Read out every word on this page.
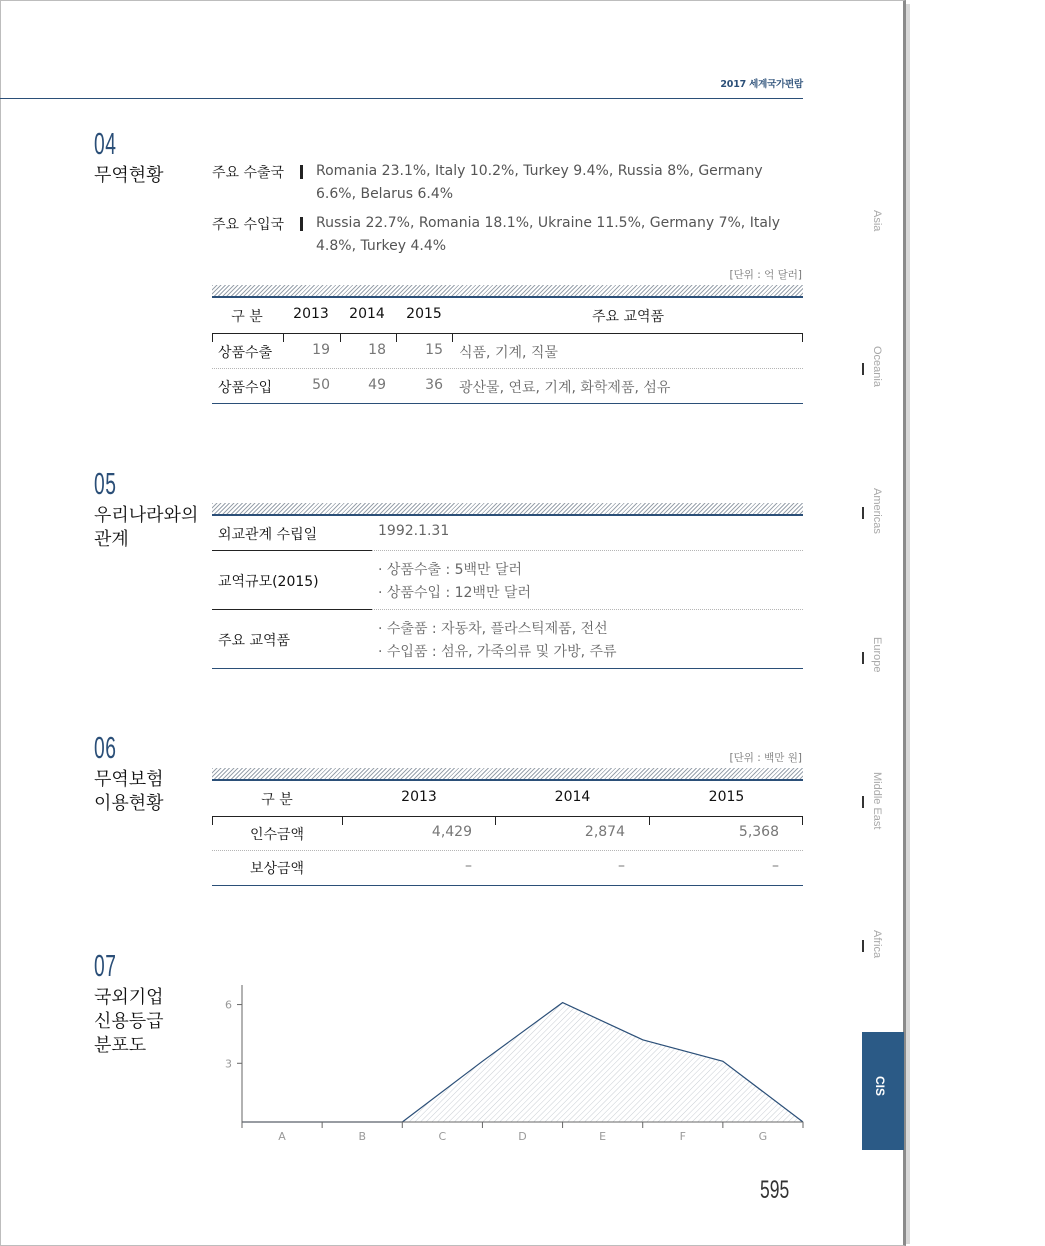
2017 세계국가편람
04
무역현황	주요 수출국 Romania 23.1%, Italy 10.2%, Turkey 9.4%, Russia 8%, Germany 6.6%, Belarus 6.4%
주요 수입국 Russia 22.7%, Romania 18.1%, Ukraine 11.5%, Germany 7%, Italy 4.8%, Turkey 4.4%
[단위 : 억 달러]
구 분	2013	2014	2015	주요 교역품
상품수출	19	18	15 식품, 기계, 직물
상품수입	50	49	36 광산물, 연료, 기계, 화학제품, 섬유
05
우리나라와의
관계	외교관계 수립일	1992.1.31
교역규모(2015)
· 상품수출 : 5백만 달러
· 상품수입 : 12백만 달러
주요 교역품
· 수출품 : 자동차, 플라스틱제품, 전선
· 수입품 : 섬유, 가죽의류 및 가방, 주류
06
무역보험
이용현황
[단위 : 백만 원]
구 분	2013	2014	2015
인수금액	4,429	2,874	5,368
보상금액	–	–	–
07
국외기업
신용등급
분포도
3
6
A	B	C	D	E	F	G
Asia
Oceania
Americas
Europe
Middle East
Africa
CIS
595
